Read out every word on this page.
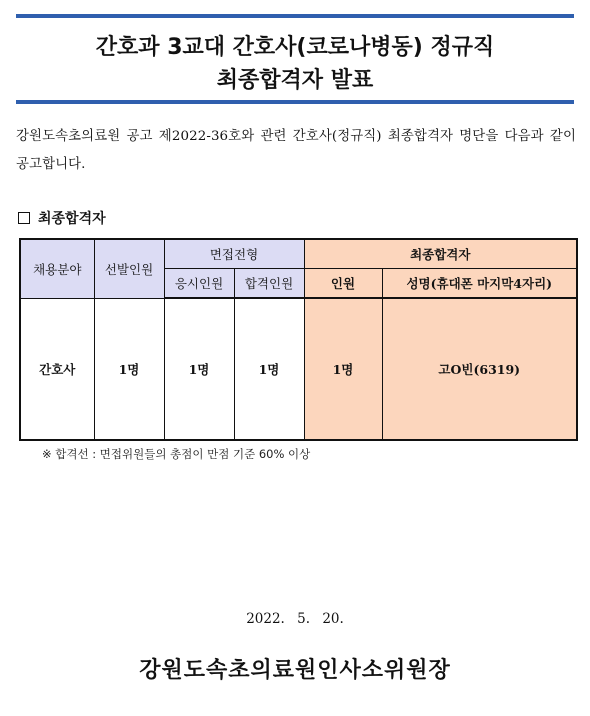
간호과 3교대 간호사(코로나병동) 정규직
최종합격자 발표
강원도속초의료원 공고 제2022-36호와 관련 간호사(정규직) 최종합격자 명단을 다음과 같이 공고합니다.
최종합격자
채용분야	선발인원	면접전형		최종합격자	
		응시인원	합격인원	인원	성명(휴대폰 마지막4자리)
간호사	1명	1명	1명	1명	고O빈(6319)
※ 합격선 : 면접위원들의 총점이 만점 기준 60% 이상
2022. 5. 20.
강원도속초의료원인사소위원장
